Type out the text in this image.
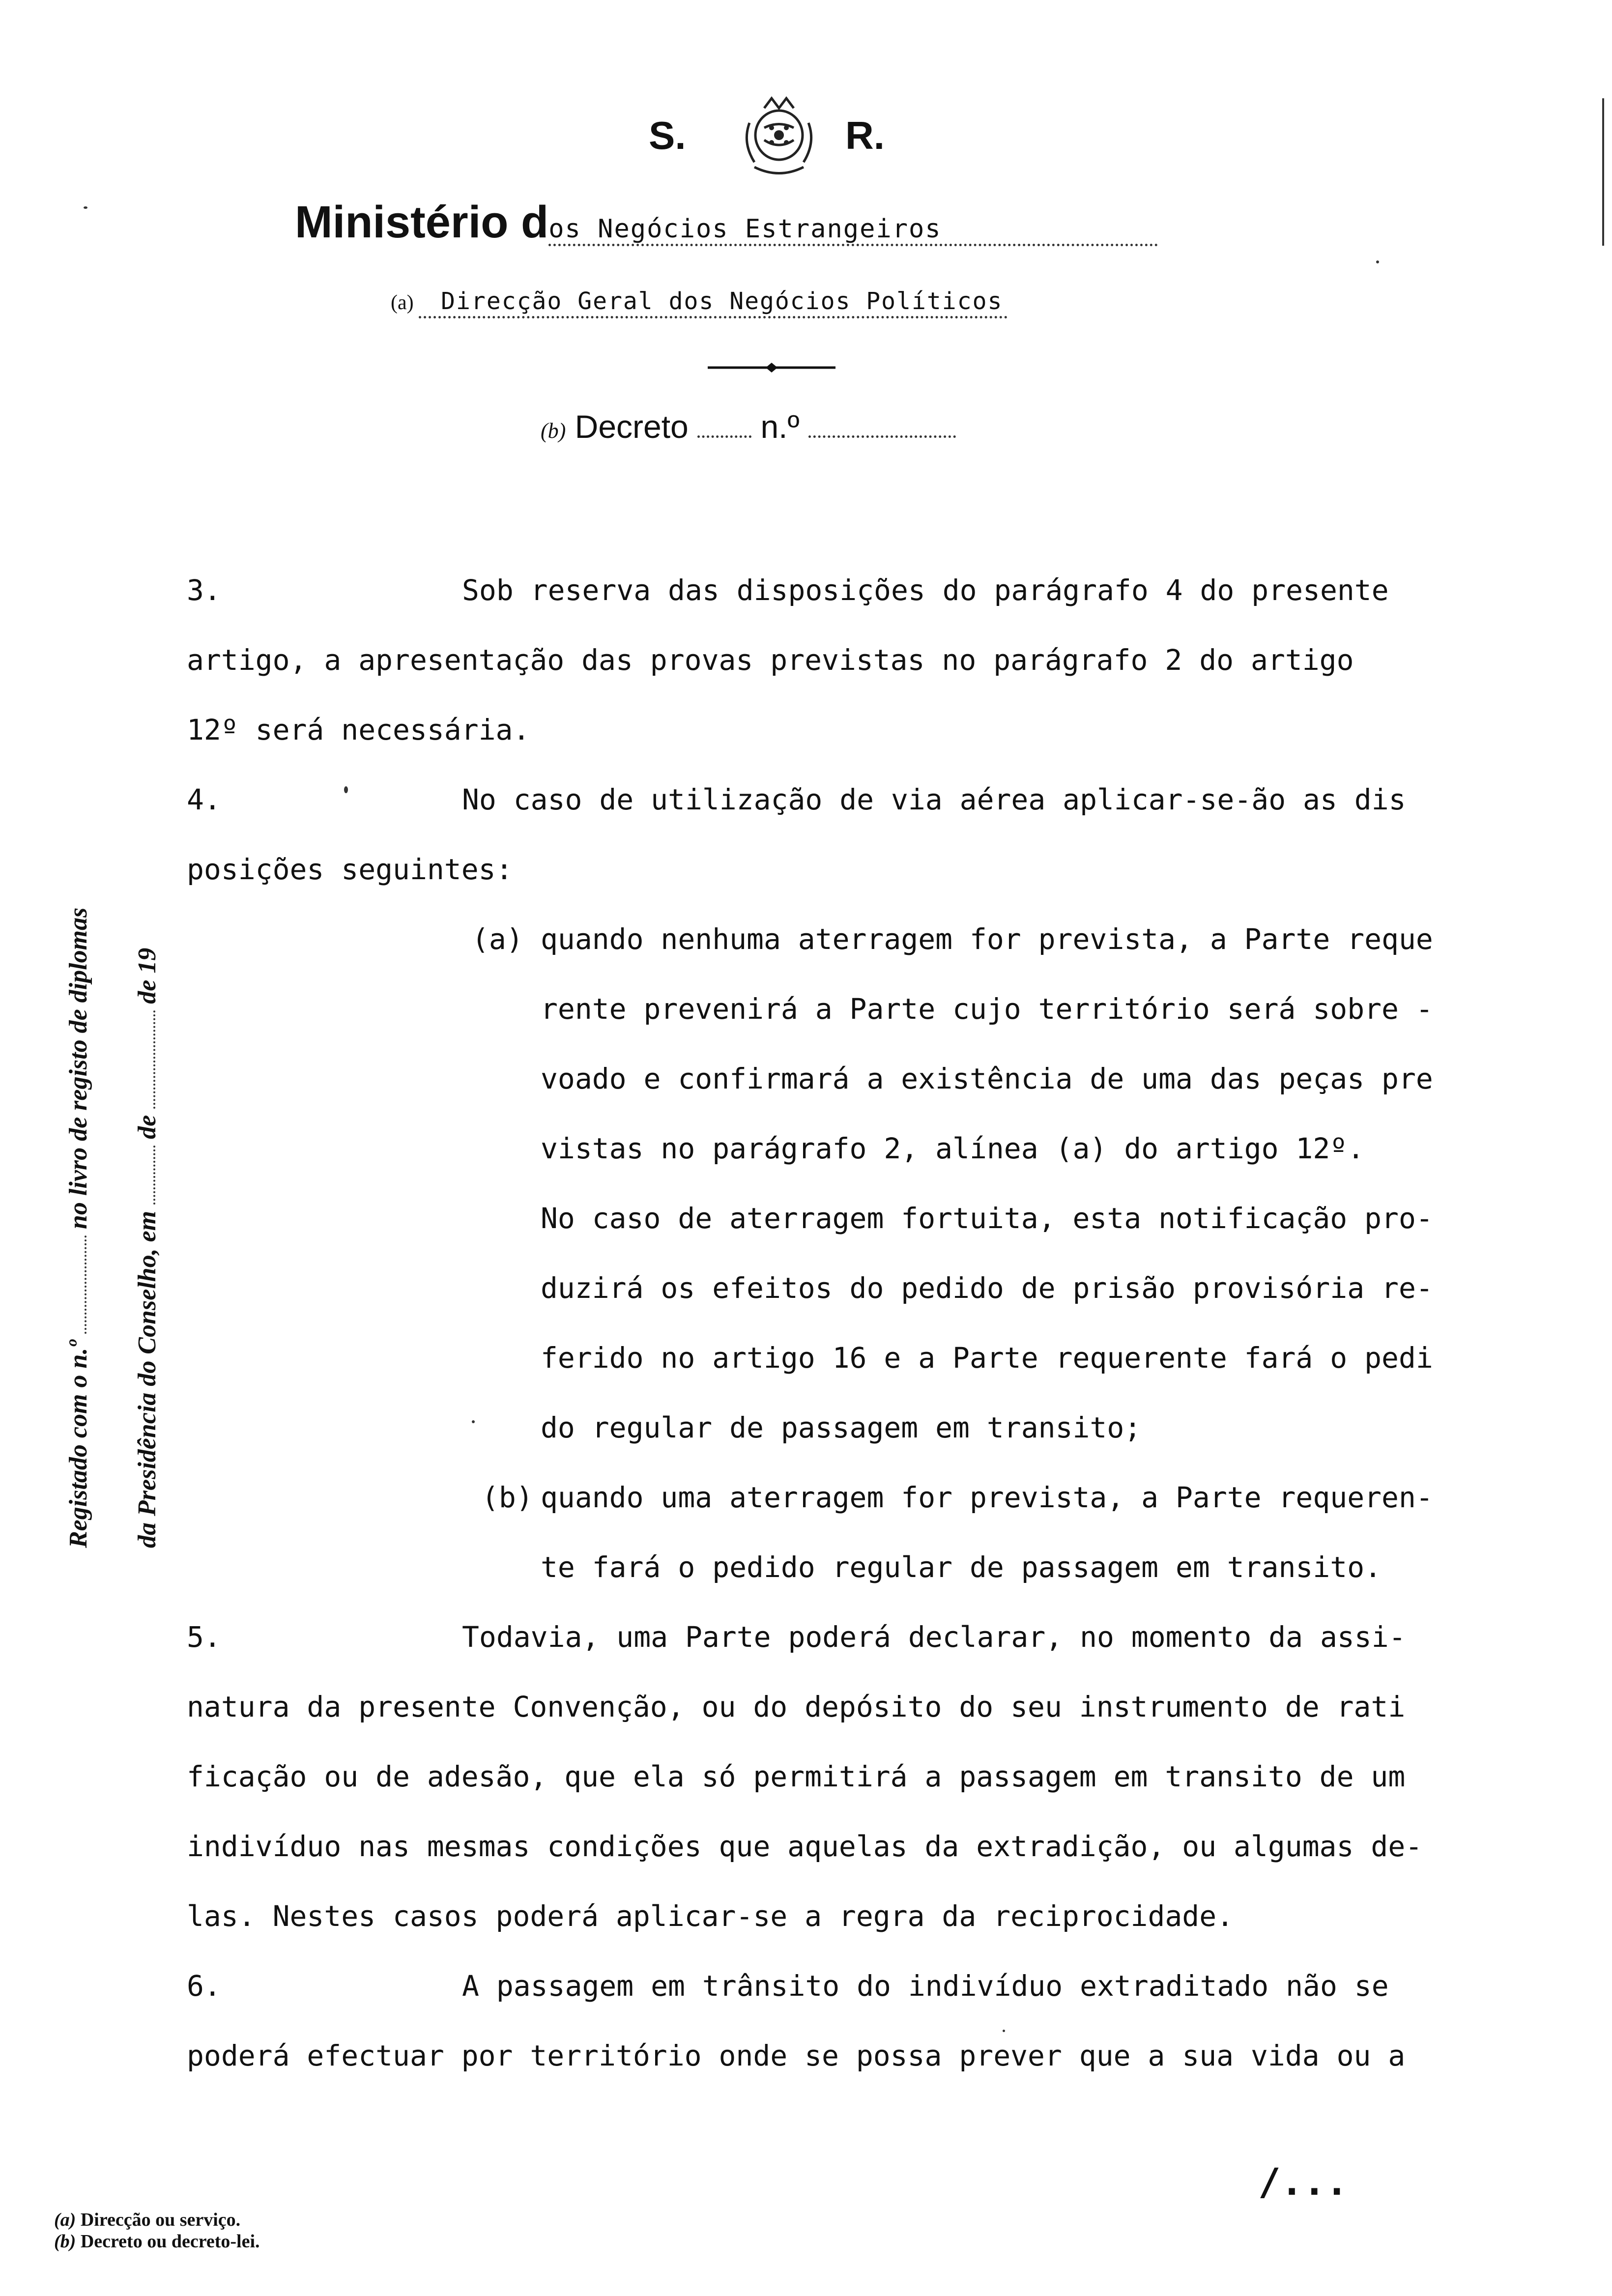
S.	R.
Ministério dos Negócios Estrangeiros
(a) Direcção Geral dos Negócios Políticos
(b) Decreto n.º
3.	Sob reserva das disposições do parágrafo 4 do presente
artigo, a apresentação das provas previstas no parágrafo 2 do artigo
12º será necessária.
4.	No caso de utilização de via aérea aplicar-se-ão as dis
posições seguintes:
(a) quando nenhuma aterragem for prevista, a Parte reque
rente prevenirá a Parte cujo território será sobre -
voado e confirmará a existência de uma das peças pre
vistas no parágrafo 2, alínea (a) do artigo 12º.
No caso de aterragem fortuita, esta notificação pro-
duzirá os efeitos do pedido de prisão provisória re-
ferido no artigo 16 e a Parte requerente fará o pedi
do regular de passagem em transito;
(b) quando uma aterragem for prevista, a Parte requeren-
te fará o pedido regular de passagem em transito.
5.	Todavia, uma Parte poderá declarar, no momento da assi-
natura da presente Convenção, ou do depósito do seu instrumento de rati
ficação ou de adesão, que ela só permitirá a passagem em transito de um
indivíduo nas mesmas condições que aquelas da extradição, ou algumas de-
las. Nestes casos poderá aplicar-se a regra da reciprocidade.
6.	A passagem em trânsito do indivíduo extraditado não se
poderá efectuar por território onde se possa prever que a sua vida ou a
/...
Registado com o n.º  no livro de registo de diplomas
da Presidência do Conselho, em  de  de 19
(a) Direcção ou serviço.
(b) Decreto ou decreto-lei.
